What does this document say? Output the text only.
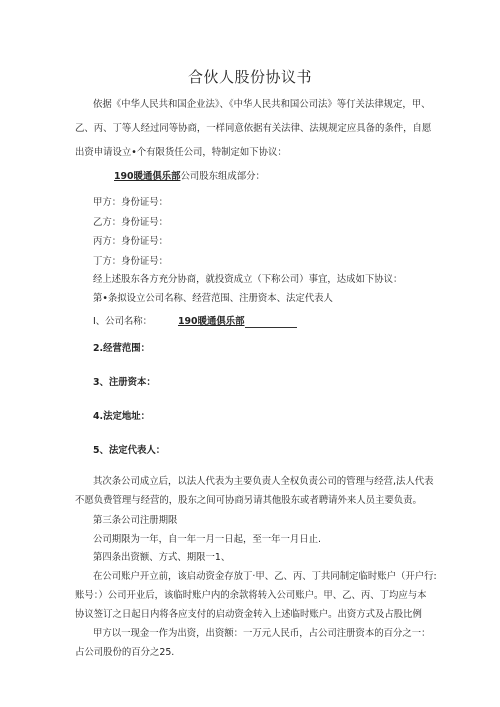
合伙人股份协议书
依据《中华人民共和国企业法》、《中华人民共和国公司法》等仃关法律规定，甲、
乙、丙、丁等人经过同等协商，一样同意依据有关法律、法规规定应具备的条件，自愿
出资申请设立•个有限货任公司，特制定如下协议：
190暖通俱乐部公司股东组成部分：
甲方：身份证号：
乙方：身份证号：
丙方：身份证号：
丁方：身份证号：
经上述股东各方充分协商，就投资成立（下称公司）事宜，达成如下协议：
第•条拟设立公司名称、经营范围、注册资本、法定代表人
I、公司名称：	190暖通俱乐部
2.经营范围：
3、注册资本：
4.法定地址：
5、法定代表人：
其次条公司成立后，以法人代表为主要负责人全权负责公司的管理与经营,法人代表
不愿负费管理与经营的，股东之间可协商另请其他股东或者聘请外来人员主要负责。
第三条公司注册期限
公司期限为一年，自一年一月一日起，至一年一月日止.
第四条出资额、方式、期限一1、
在公司账户开立前，该启动资金存放丁·甲、乙、丙、丁共同制定临时账户（开户行:
账号：）公司开业后，该临时账户内的余款将转入公司账户。甲、乙、丙、丁均应与本
协议签订之日起日内将各应支付的启动资金转入上述临时账户。出资方式及占股比例
甲方以一现金一作为出资，出资额：一万元人民币，占公司注册资本的百分之一：
占公司股份的百分之25.
